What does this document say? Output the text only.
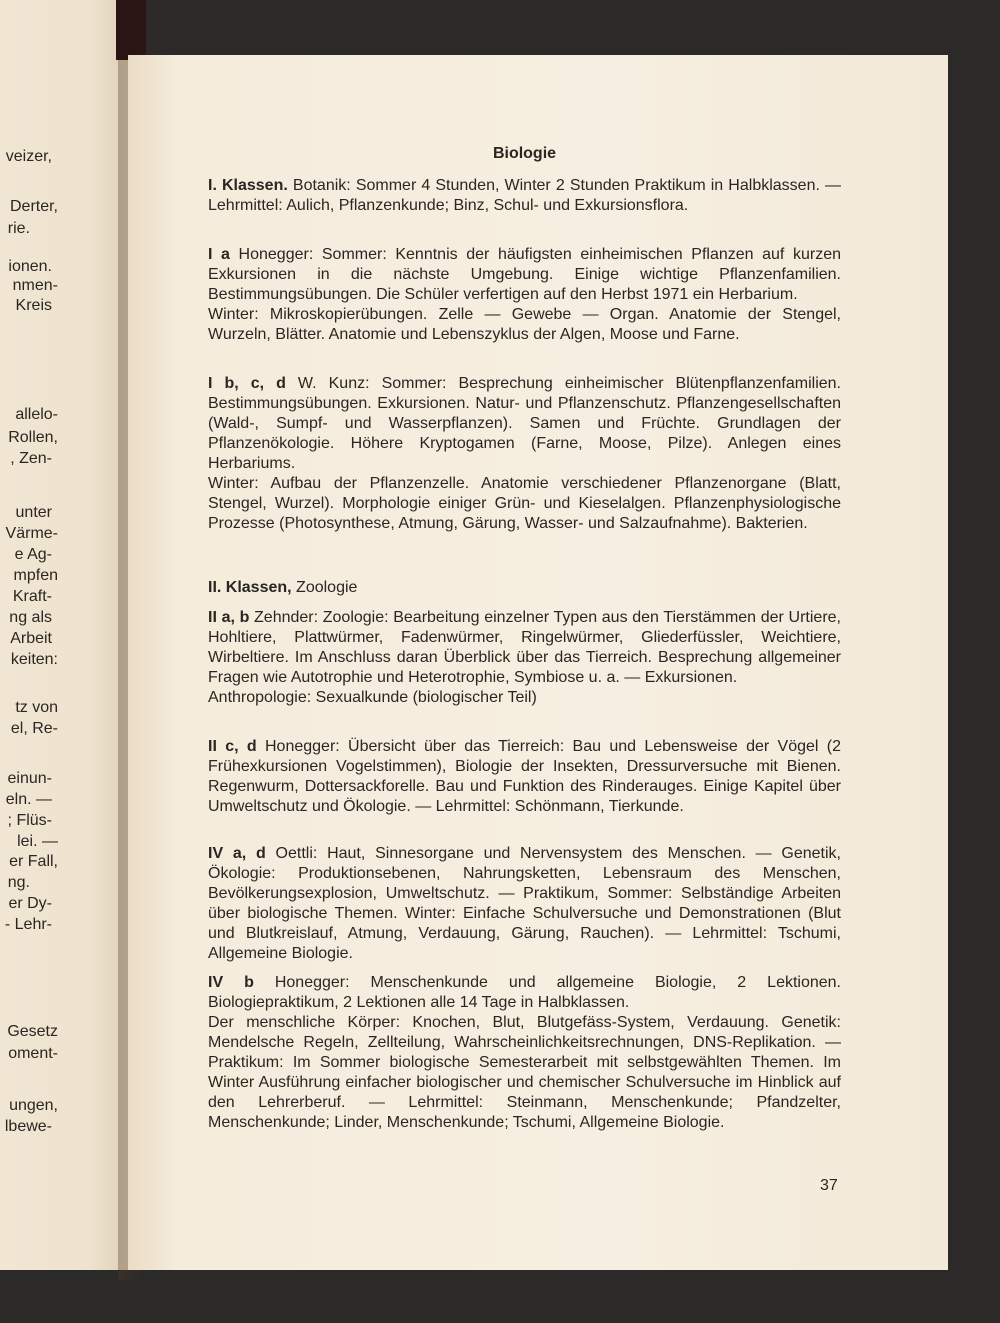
veizer,
Derter,
rie.
ionen.
nmen-
Kreis
allelo-
Rollen,
, Zen-
unter
Värme-
e Ag-
mpfen
Kraft-
ng als
Arbeit
keiten:
tz von
el, Re-
einun-
eln. —
; Flüs-
lei. —
er Fall,
ng.
er Dy-
- Lehr-
Gesetz
oment-
ungen,
lbewe-
Biologie
I. Klassen. Botanik: Sommer 4 Stunden, Winter 2 Stunden Praktikum in Halbklassen. — Lehrmittel: Aulich, Pflanzenkunde; Binz, Schul- und Exkursionsflora.
I a Honegger: Sommer: Kenntnis der häufigsten einheimischen Pflanzen auf kurzen Exkursionen in die nächste Umgebung. Einige wichtige Pflanzenfamilien. Bestimmungsübungen. Die Schüler verfertigen auf den Herbst 1971 ein Herbarium.
Winter: Mikroskopierübungen. Zelle — Gewebe — Organ. Anatomie der Stengel, Wurzeln, Blätter. Anatomie und Lebenszyklus der Algen, Moose und Farne.
I b, c, d W. Kunz: Sommer: Besprechung einheimischer Blütenpflanzenfamilien. Bestimmungsübungen. Exkursionen. Natur- und Pflanzenschutz. Pflanzengesellschaften (Wald-, Sumpf- und Wasserpflanzen). Samen und Früchte. Grundlagen der Pflanzenökologie. Höhere Kryptogamen (Farne, Moose, Pilze). Anlegen eines Herbariums.
Winter: Aufbau der Pflanzenzelle. Anatomie verschiedener Pflanzenorgane (Blatt, Stengel, Wurzel). Morphologie einiger Grün- und Kieselalgen. Pflanzenphysiologische Prozesse (Photosynthese, Atmung, Gärung, Wasser- und Salzaufnahme). Bakterien.
II. Klassen, Zoologie
II a, b Zehnder: Zoologie: Bearbeitung einzelner Typen aus den Tierstämmen der Urtiere, Hohltiere, Plattwürmer, Fadenwürmer, Ringelwürmer, Gliederfüssler, Weichtiere, Wirbeltiere. Im Anschluss daran Überblick über das Tierreich. Besprechung allgemeiner Fragen wie Autotrophie und Heterotrophie, Symbiose u. a. — Exkursionen.
Anthropologie: Sexualkunde (biologischer Teil)
II c, d Honegger: Übersicht über das Tierreich: Bau und Lebensweise der Vögel (2 Frühexkursionen Vogelstimmen), Biologie der Insekten, Dressurversuche mit Bienen. Regenwurm, Dottersackforelle. Bau und Funktion des Rinderauges. Einige Kapitel über Umweltschutz und Ökologie. — Lehrmittel: Schönmann, Tierkunde.
IV a, d Oettli: Haut, Sinnesorgane und Nervensystem des Menschen. — Genetik, Ökologie: Produktionsebenen, Nahrungsketten, Lebensraum des Menschen, Bevölkerungsexplosion, Umweltschutz. — Praktikum, Sommer: Selbständige Arbeiten über biologische Themen. Winter: Einfache Schulversuche und Demonstrationen (Blut und Blutkreislauf, Atmung, Verdauung, Gärung, Rauchen). — Lehrmittel: Tschumi, Allgemeine Biologie.
IV b Honegger: Menschenkunde und allgemeine Biologie, 2 Lektionen. Biologiepraktikum, 2 Lektionen alle 14 Tage in Halbklassen.
Der menschliche Körper: Knochen, Blut, Blutgefäss-System, Verdauung. Genetik: Mendelsche Regeln, Zellteilung, Wahrscheinlichkeitsrechnungen, DNS-Replikation. — Praktikum: Im Sommer biologische Semesterarbeit mit selbstgewählten Themen. Im Winter Ausführung einfacher biologischer und chemischer Schulversuche im Hinblick auf den Lehrerberuf. — Lehrmittel: Steinmann, Menschenkunde; Pfandzelter, Menschenkunde; Linder, Menschenkunde; Tschumi, Allgemeine Biologie.
37
